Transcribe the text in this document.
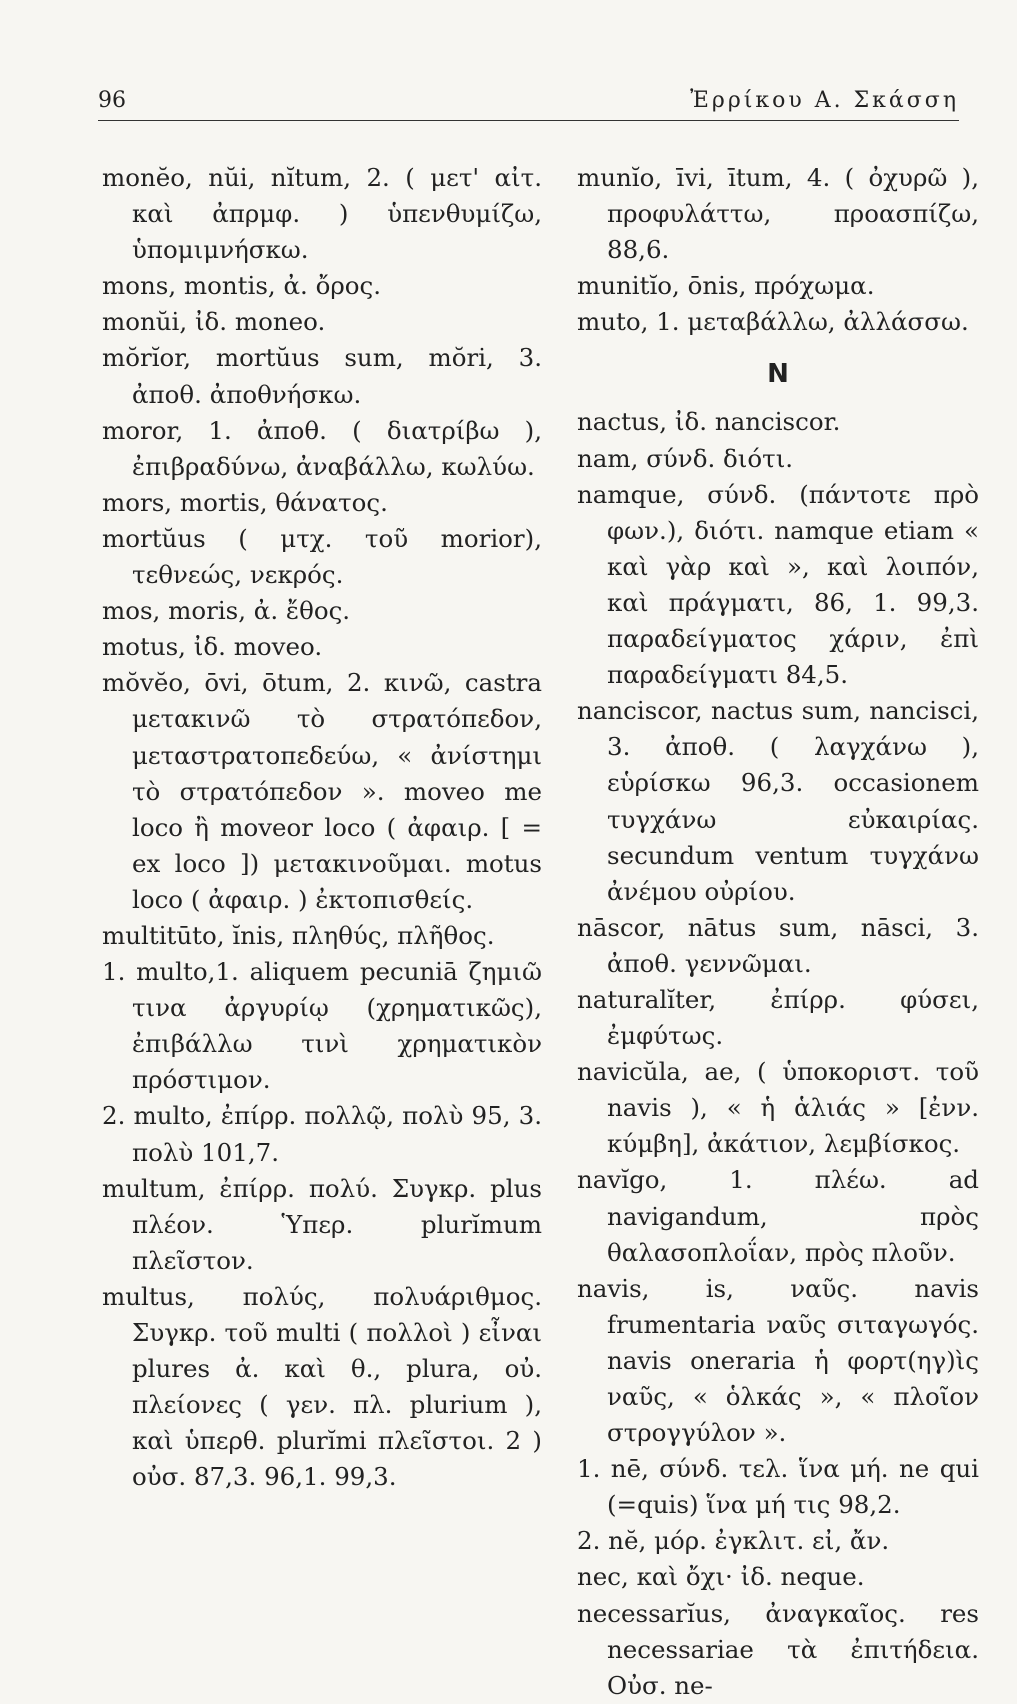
96	Ἐρρίκου Α. Σκάσση

monĕo, nŭi, nĭtum, 2. ( μετ' αἰτ. καὶ ἀπρμφ. ) ὑπενθυμίζω, ὑπομιμνήσκω.

mons, montis, ἀ. ὄρος.

monŭi, ἰδ. moneo.

mŏrĭor, mortŭus sum, mŏri, 3. ἀποθ. ἀποθνήσκω.

moror, 1. ἀποθ. ( διατρίβω ), ἐπιβραδύνω, ἀναβάλλω, κωλύω.

mors, mortis, θάνατος.

mortŭus ( μτχ. τοῦ morior), τεθνεώς, νεκρός.

mos, moris, ἀ. ἔθος.

motus, ἰδ. moveo.

mŏvĕo, ōvi, ōtum, 2. κινῶ, castra μετακινῶ τὸ στρατόπεδον, μεταστρατοπεδεύω, « ἀνίστημι τὸ στρατόπεδον ». moveo me loco ἢ moveor loco ( ἀφαιρ. [ = ex loco ]) μετακινοῦμαι. motus loco ( ἀφαιρ. ) ἐκτοπισθείς.

multitūto, ĭnis, πληθύς, πλῆθος.

1. multo,1. aliquem pecuniā ζημιῶ τινα ἀργυρίῳ (χρηματικῶς), ἐπιβάλλω τινὶ χρηματικὸν πρόστιμον.

2. multo, ἐπίρρ. πολλῷ, πολὺ 95, 3. πολὺ 101,7.

multum, ἐπίρρ. πολύ. Συγκρ. plus πλέον. Ὑπερ. plurĭmum πλεῖστον.

multus, πολύς, πολυάριθμος. Συγκρ. τοῦ multi ( πολλοὶ ) εἶναι plures ἀ. καὶ θ., plura, οὐ. πλείονες ( γεν. πλ. plurium ), καὶ ὑπερθ. plurĭmi πλεῖστοι. 2 ) οὐσ. 87,3. 96,1. 99,3.

munĭo, īvi, ītum, 4. ( ὀχυρῶ ), προφυλάττω, προασπίζω, 88,6.

munitĭo, ōnis, πρόχωμα.

muto, 1. μεταβάλλω, ἀλλάσσω.

N

nactus, ἰδ. nanciscor.

nam, σύνδ. διότι.

namque, σύνδ. (πάντοτε πρὸ φων.), διότι. namque etiam « καὶ γὰρ καὶ », καὶ λοιπόν, καὶ πράγματι, 86, 1. 99,3. παραδείγματος χάριν, ἐπὶ παραδείγματι 84,5.

nanciscor, nactus sum, nancisci, 3. ἀποθ. ( λαγχάνω ), εὑρίσκω 96,3. occasionem τυγχάνω εὐκαιρίας. secundum ventum τυγχάνω ἀνέμου οὐρίου.

nāscor, nātus sum, nāsci, 3. ἀποθ. γεννῶμαι.

naturalĭter, ἐπίρρ. φύσει, ἐμφύτως.

navicŭla, ae, ( ὑποκοριστ. τοῦ navis ), « ἡ ἁλιάς » [ἐνν. κύμβη], ἀκάτιον, λεμβίσκος.

navĭgo, 1. πλέω. ad navigandum, πρὸς θαλασοπλοΐαν, πρὸς πλοῦν.

navis, is, ναῦς. navis frumentaria ναῦς σιταγωγός. navis oneraria ἡ φορτ(ηγ)ὶς ναῦς, « ὁλκάς », « πλοῖον στρογγύλον ».

1. nē, σύνδ. τελ. ἵνα μή. ne qui (=quis) ἵνα μή τις 98,2.

2. nĕ, μόρ. ἐγκλιτ. εἰ, ἄν.

nec, καὶ ὄχι· ἰδ. neque.

necessarĭus, ἀναγκαῖος. res necessariae τὰ ἐπιτήδεια. Οὐσ. ne-
